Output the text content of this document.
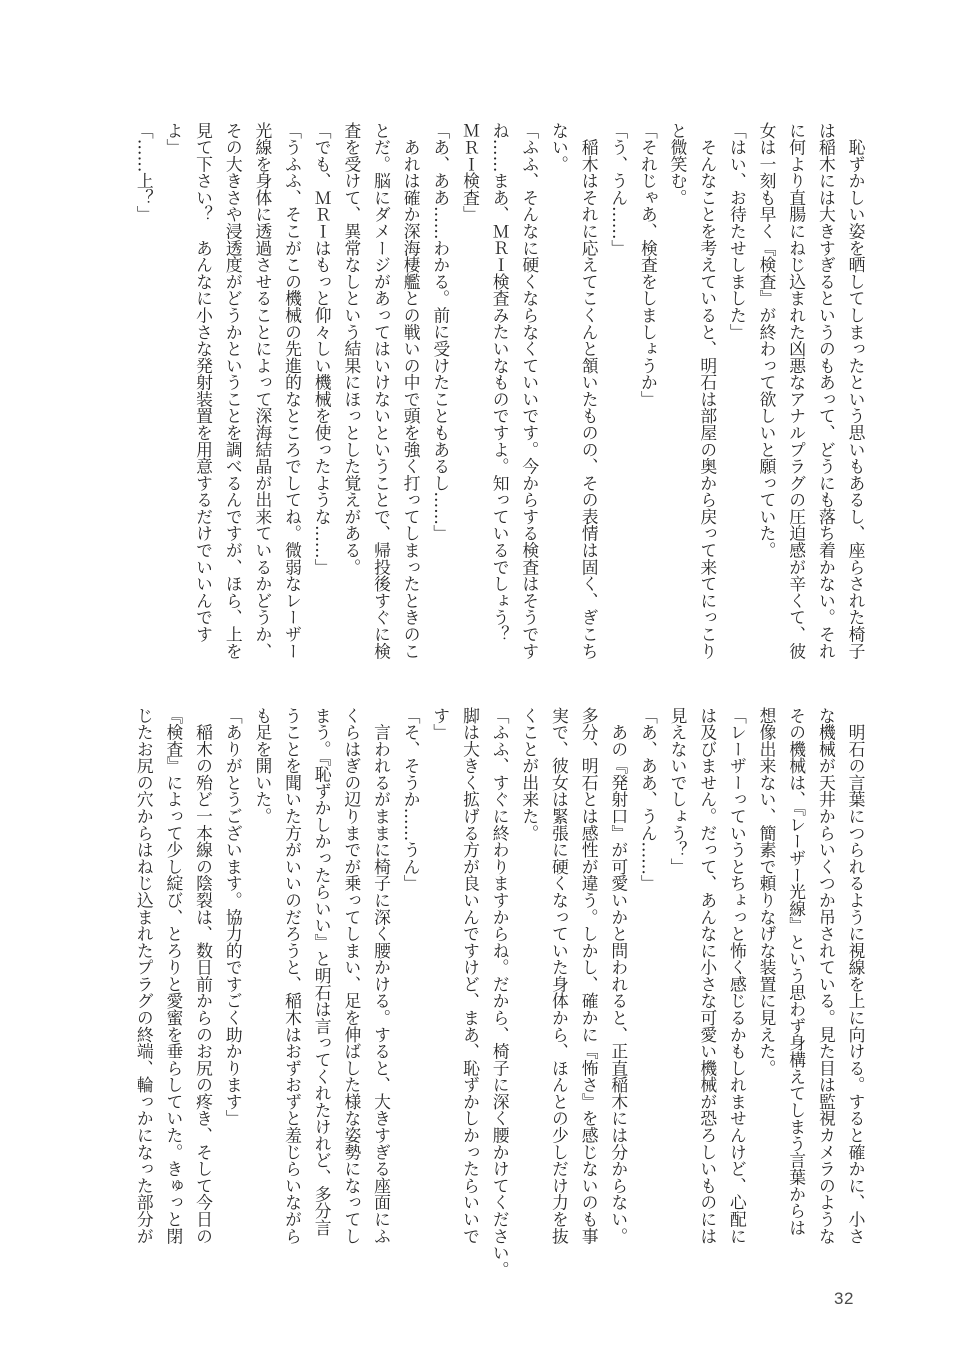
　恥ずかしい姿を晒してしまったという思いもあるし、座らされた椅子
は稲木には大きすぎるというのもあって、どうにも落ち着かない。それ
に何より直腸にねじ込まれた凶悪なアナルプラグの圧迫感が辛くて、彼
女は一刻も早く『検査』が終わって欲しいと願っていた。
「はい、お待たせしました」
　そんなことを考えていると、明石は部屋の奥から戻って来てにっこり
と微笑む。
「それじゃあ、検査をしましょうか」
「う、うん……」
　稲木はそれに応えてこくんと頷いたものの、その表情は固く、ぎこち
ない。
「ふふ、そんなに硬くならなくていいです。今からする検査はそうです
ね……まあ、ＭＲＩ検査みたいなものですよ。知っているでしょう？
ＭＲＩ検査」
「あ、ああ……わかる。前に受けたこともあるし……」
　あれは確か深海棲艦との戦いの中で頭を強く打ってしまったときのこ
とだ。脳にダメージがあってはいけないということで、帰投後すぐに検
査を受けて、異常なしという結果にほっとした覚えがある。
「でも、ＭＲＩはもっと仰々しい機械を使ったような……」
「うふふ、そこがこの機械の先進的なところでしてね。微弱なレーザー
光線を身体に透過させることによって深海結晶が出来ているかどうか、
その大きさや浸透度がどうかということを調べるんですが、ほら、上を
見て下さい？　あんなに小さな発射装置を用意するだけでいいんです
よ」
「……上？」
　明石の言葉につられるように視線を上に向ける。すると確かに、小さ
な機械が天井からいくつか吊されている。見た目は監視カメラのような
その機械は、『レーザー光線』という思わず身構えてしまう言葉からは
想像出来ない、簡素で頼りなげな装置に見えた。
「レーザーっていうとちょっと怖く感じるかもしれませんけど、心配に
は及びません。だって、あんなに小さな可愛い機械が恐ろしいものには
見えないでしょう？」
「あ、ああ、うん……」
　あの『発射口』が可愛いかと問われると、正直稲木には分からない。
多分、明石とは感性が違う。しかし、確かに『怖さ』を感じないのも事
実で、彼女は緊張に硬くなっていた身体から、ほんとの少しだけ力を抜
くことが出来た。
「ふふ、すぐに終わりますからね。だから、椅子に深く腰かけてください。
脚は大きく拡げる方が良いんですけど、まあ、恥ずかしかったらいいで
す」
「そ、そうか……うん」
　言われるがままに椅子に深く腰かける。すると、大きすぎる座面にふ
くらはぎの辺りまでが乗ってしまい、足を伸ばした様な姿勢になってし
まう。『恥ずかしかったらいい』と明石は言ってくれたけれど、多分言
うことを聞いた方がいいのだろうと、稲木はおずおずと羞じらいながら
も足を開いた。
「ありがとうございます。協力的ですごく助かります」
　稲木の殆ど一本線の陰裂は、数日前からのお尻の疼き、そして今日の
『検査』によって少し綻び、とろりと愛蜜を垂らしていた。きゅっと閉
じたお尻の穴からはねじ込まれたプラグの終端、輪っかになった部分が
32
